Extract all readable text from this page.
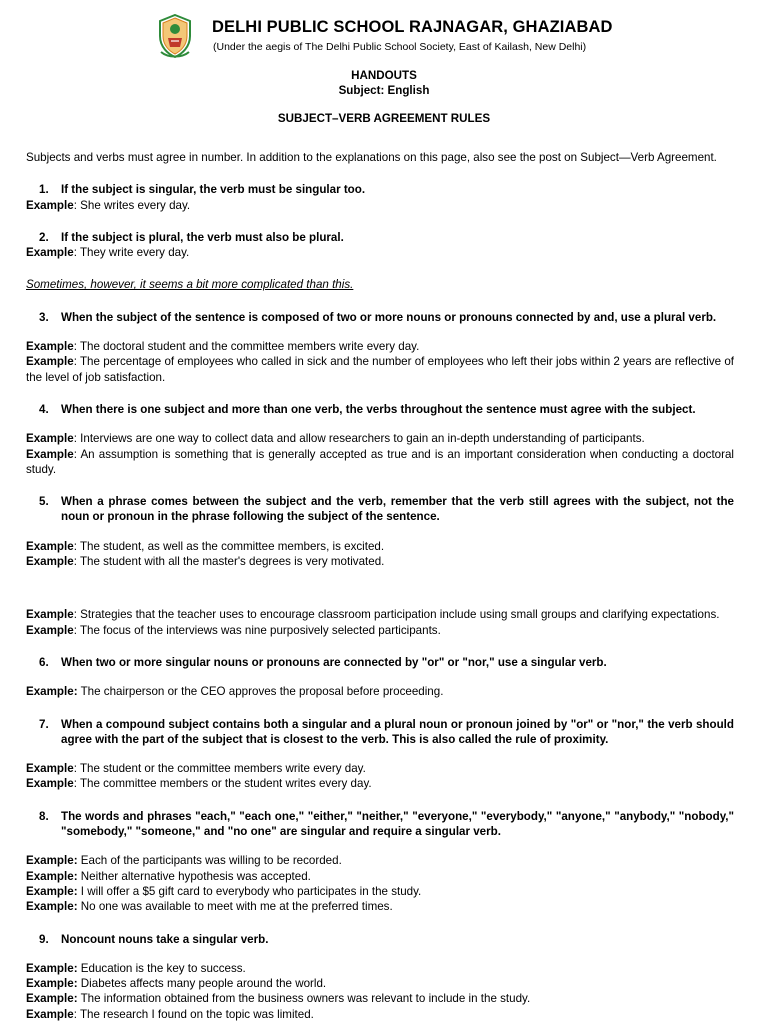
DELHI PUBLIC SCHOOL RAJNAGAR, GHAZIABAD
(Under the aegis of The Delhi Public School Society, East of Kailash, New Delhi)
HANDOUTS
Subject: English
SUBJECT–VERB AGREEMENT RULES

Subjects and verbs must agree in number. In addition to the explanations on this page, also see the post on Subject—Verb Agreement.

1. If the subject is singular, the verb must be singular too.
Example: She writes every day.
2. If the subject is plural, the verb must also be plural.
Example: They write every day.
Sometimes, however, it seems a bit more complicated than this.
3. When the subject of the sentence is composed of two or more nouns or pronouns connected by and, use a plural verb.
Example: The doctoral student and the committee members write every day.
Example: The percentage of employees who called in sick and the number of employees who left their jobs within 2 years are reflective of the level of job satisfaction.
4. When there is one subject and more than one verb, the verbs throughout the sentence must agree with the subject.
Example: Interviews are one way to collect data and allow researchers to gain an in-depth understanding of participants.
Example: An assumption is something that is generally accepted as true and is an important consideration when conducting a doctoral study.
5. When a phrase comes between the subject and the verb, remember that the verb still agrees with the subject, not the noun or pronoun in the phrase following the subject of the sentence.
Example: The student, as well as the committee members, is excited.
Example: The student with all the master's degrees is very motivated.
Example: Strategies that the teacher uses to encourage classroom participation include using small groups and clarifying expectations.
Example: The focus of the interviews was nine purposively selected participants.
6. When two or more singular nouns or pronouns are connected by "or" or "nor," use a singular verb.
Example: The chairperson or the CEO approves the proposal before proceeding.
7. When a compound subject contains both a singular and a plural noun or pronoun joined by "or" or "nor," the verb should agree with the part of the subject that is closest to the verb. This is also called the rule of proximity.
Example: The student or the committee members write every day.
Example: The committee members or the student writes every day.
8. The words and phrases "each," "each one," "either," "neither," "everyone," "everybody," "anyone," "anybody," "nobody," "somebody," "someone," and "no one" are singular and require a singular verb.
Example: Each of the participants was willing to be recorded.
Example: Neither alternative hypothesis was accepted.
Example: I will offer a $5 gift card to everybody who participates in the study.
Example: No one was available to meet with me at the preferred times.
9. Noncount nouns take a singular verb.
Example: Education is the key to success.
Example: Diabetes affects many people around the world.
Example: The information obtained from the business owners was relevant to include in the study.
Example: The research I found on the topic was limited.
